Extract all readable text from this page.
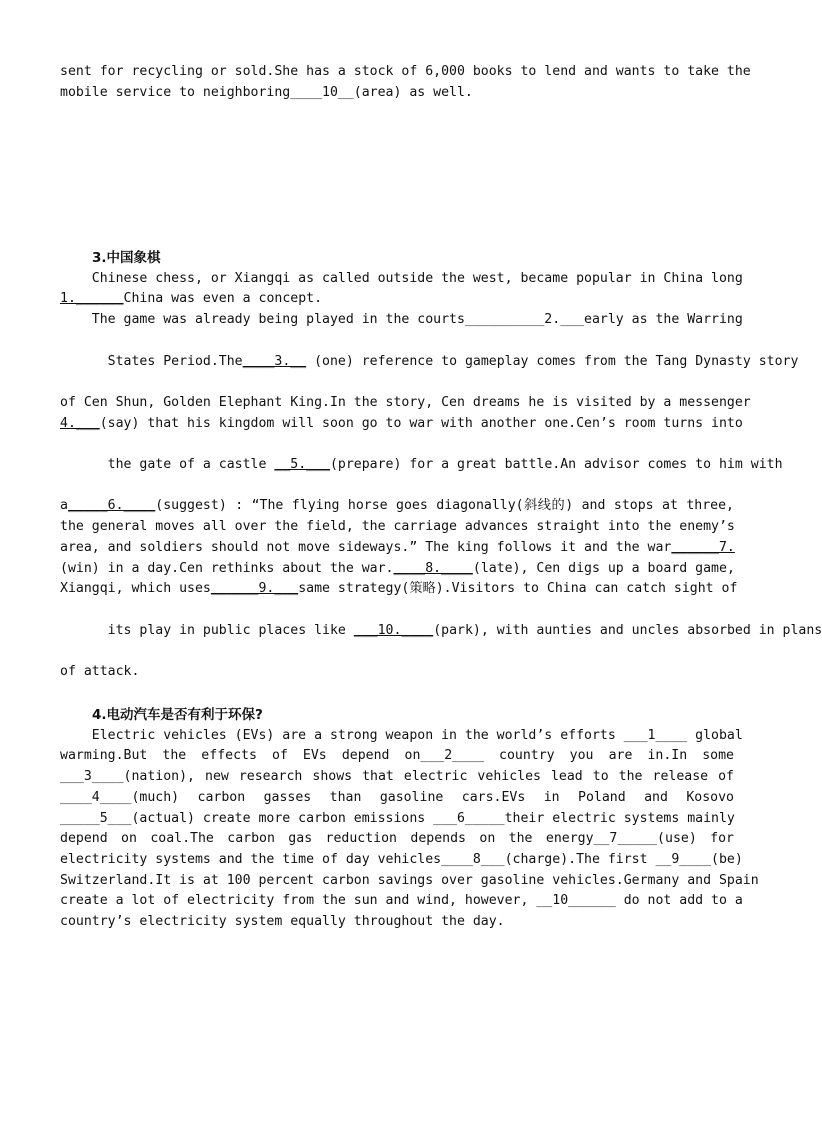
sent for recycling or sold.She has a stock of 6,000 books to lend and wants to take the
mobile service to neighboring____10__(area) as well.
3.中国象棋
Chinese chess, or Xiangqi as called outside the west, became popular in China long
1.______China was even a concept.
The game was already being played in the courts__________2.___early as the Warring

States Period.The____3.__ (one) reference to gameplay comes from the Tang Dynasty story

of Cen Shun, Golden Elephant King.In the story, Cen dreams he is visited by a messenger
4.___(say) that his kingdom will soon go to war with another one.Cen’s room turns into

the gate of a castle __5.___(prepare) for a great battle.An advisor comes to him with

a_____6.____(suggest) : “The flying horse goes diagonally(斜线的) and stops at three,
the general moves all over the field, the carriage advances straight into the enemy’s
area, and soldiers should not move sideways.” The king follows it and the war______7.
(win) in a day.Cen rethinks about the war.____8.____(late), Cen digs up a board game,
Xiangqi, which uses______9.___same strategy(策略).Visitors to China can catch sight of

its play in public places like ___10.____(park), with aunties and uncles absorbed in plans

of attack.
4.电动汽车是否有利于环保?
Electric vehicles (EVs) are a strong weapon in the world’s efforts ___1____ global
warming.But the effects of EVs depend on___2____ country you are in.In some
___3____(nation), new research shows that electric vehicles lead to the release of
____4____(much) carbon gasses than gasoline cars.EVs in Poland and Kosovo
_____5___(actual) create more carbon emissions ___6_____their electric systems mainly
depend on coal.The carbon gas reduction depends on the energy__7_____(use) for
electricity systems and the time of day vehicles____8___(charge).The first __9____(be)
Switzerland.It is at 100 percent carbon savings over gasoline vehicles.Germany and Spain
create a lot of electricity from the sun and wind, however, __10______ do not add to a
country’s electricity system equally throughout the day.
